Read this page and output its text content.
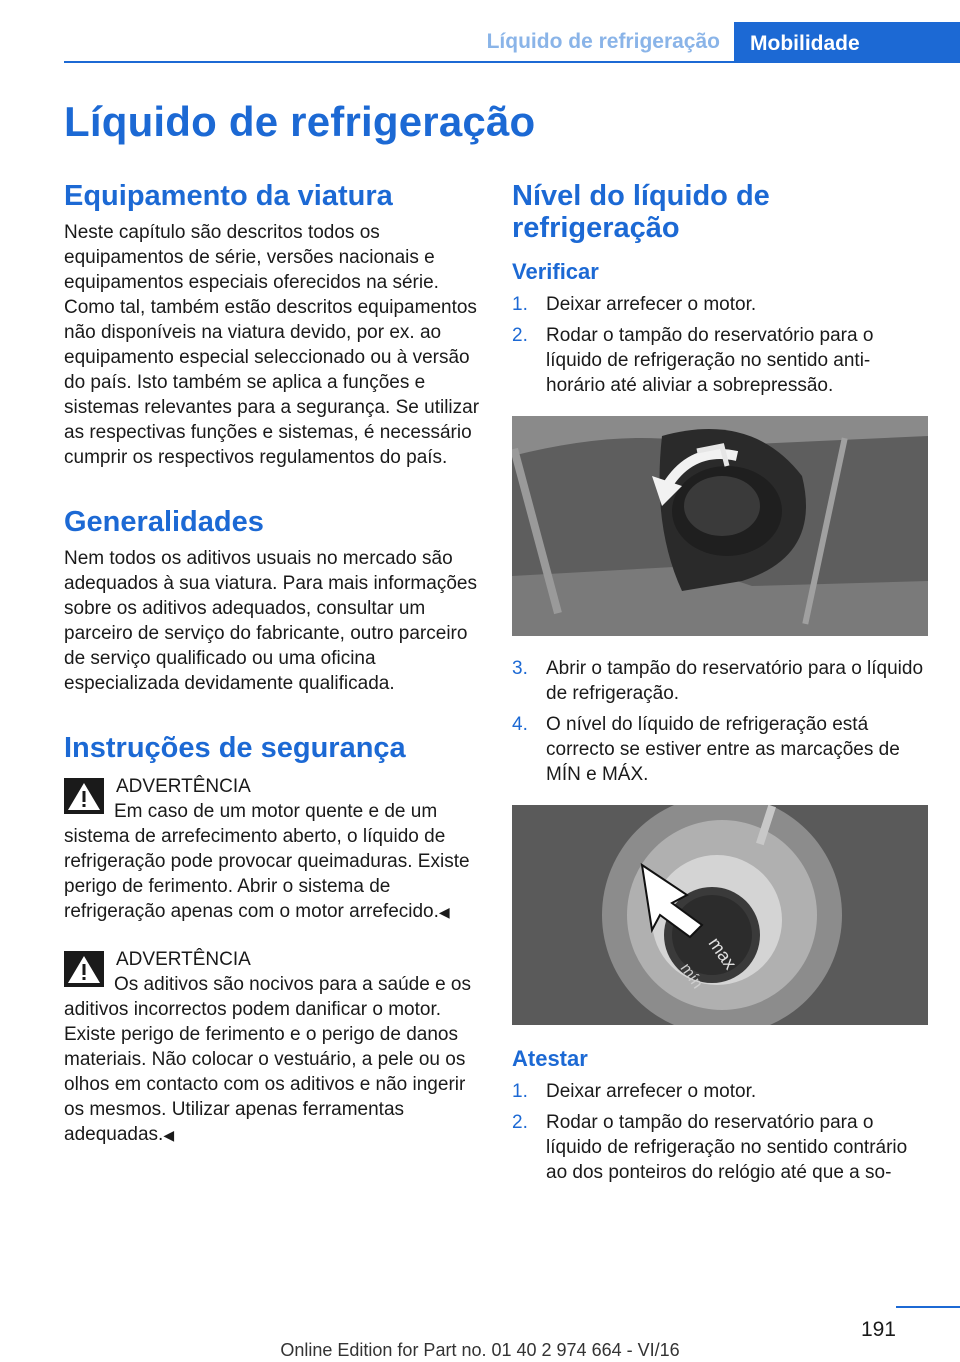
Líquido de refrigeração	Mobilidade
Líquido de refrigeração
Equipamento da viatura

Neste capítulo são descritos todos os equipamentos de série, versões nacionais e equipamentos especiais oferecidos na série. Como tal, também estão descritos equipamentos não disponíveis na viatura devido, por ex. ao equipamento especial seleccionado ou à versão do país. Isto também se aplica a funções e sistemas relevantes para a segurança. Se utilizar as respectivas funções e sistemas, é necessário cumprir os respectivos regulamentos do país.

Generalidades

Nem todos os aditivos usuais no mercado são adequados à sua viatura. Para mais informações sobre os aditivos adequados, consultar um parceiro de serviço do fabricante, outro parceiro de serviço qualificado ou uma oficina especializada devidamente qualificada.

Instruções de segurança
ADVERTÊNCIA
Em caso de um motor quente e de um sistema de arrefecimento aberto, o líquido de refrigeração pode provocar queimaduras. Existe perigo de ferimento. Abrir o sistema de refrigeração apenas com o motor arrefecido.◀
ADVERTÊNCIA
Os aditivos são nocivos para a saúde e os aditivos incorrectos podem danificar o motor. Existe perigo de ferimento e o perigo de danos materiais. Não colocar o vestuário, a pele ou os olhos em contacto com os aditivos e não ingerir os mesmos. Utilizar apenas ferramentas adequadas.◀
Nível do líquido de refrigeração
Verificar
1. Deixar arrefecer o motor.
2. Rodar o tampão do reservatório para o líquido de refrigeração no sentido anti-horário até aliviar a sobrepressão.
3. Abrir o tampão do reservatório para o líquido de refrigeração.
4. O nível do líquido de refrigeração está correcto se estiver entre as marcações de MÍN e MÁX.
max
mín
Atestar
1. Deixar arrefecer o motor.
2. Rodar o tampão do reservatório para o líquido de refrigeração no sentido contrário ao dos ponteiros do relógio até que a so-
191
Online Edition for Part no. 01 40 2 974 664 - VI/16
